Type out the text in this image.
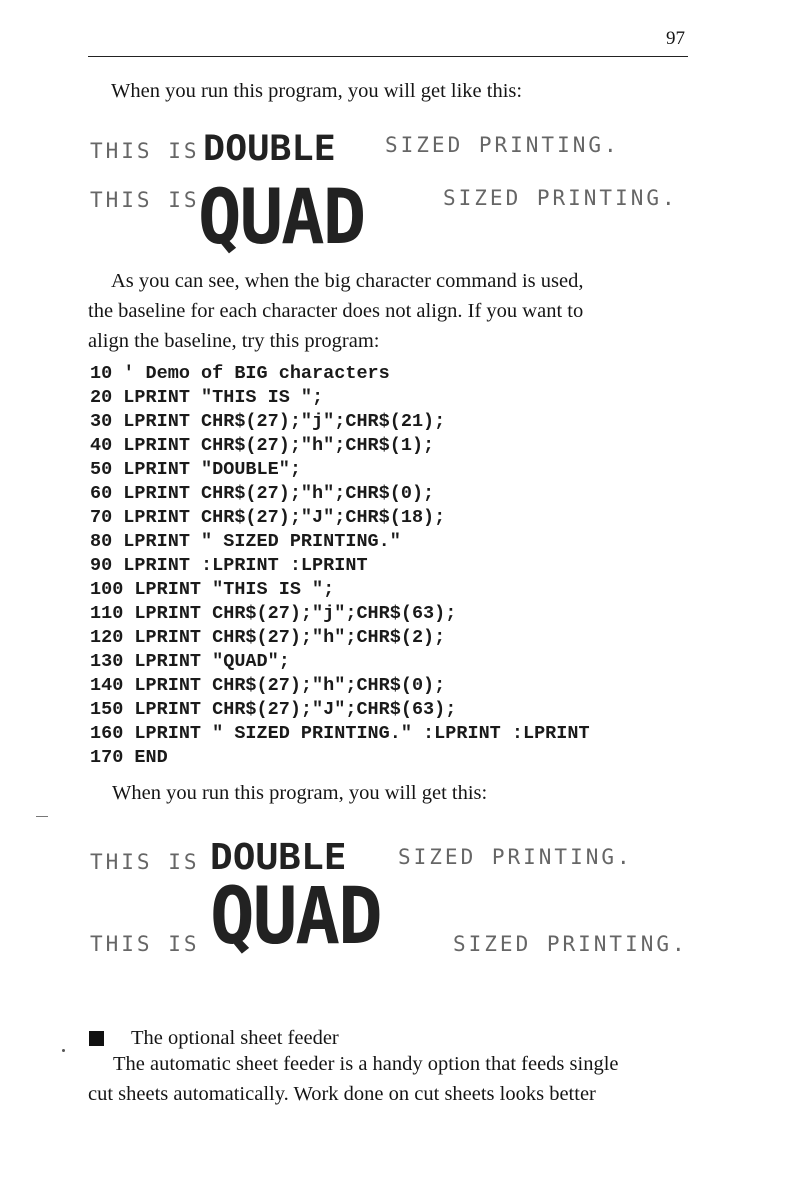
97
When you run this program, you will get like this:
THIS IS DOUBLE SIZED PRINTING.
THIS IS
QUAD	SIZED PRINTING.
As you can see, when the big character command is used,
the baseline for each character does not align. If you want to
align the baseline, try this program:
10 ' Demo of BIG characters
20 LPRINT "THIS IS ";
30 LPRINT CHR$(27);"j";CHR$(21);
40 LPRINT CHR$(27);"h";CHR$(1);
50 LPRINT "DOUBLE";
60 LPRINT CHR$(27);"h";CHR$(0);
70 LPRINT CHR$(27);"J";CHR$(18);
80 LPRINT " SIZED PRINTING."
90 LPRINT :LPRINT :LPRINT
100 LPRINT "THIS IS ";
110 LPRINT CHR$(27);"j";CHR$(63);
120 LPRINT CHR$(27);"h";CHR$(2);
130 LPRINT "QUAD";
140 LPRINT CHR$(27);"h";CHR$(0);
150 LPRINT CHR$(27);"J";CHR$(63);
160 LPRINT " SIZED PRINTING." :LPRINT :LPRINT
170 END
When you run this program, you will get this:
THIS IS DOUBLE SIZED PRINTING.
THIS IS QUAD	SIZED PRINTING.
The optional sheet feeder
The automatic sheet feeder is a handy option that feeds single
cut sheets automatically. Work done on cut sheets looks better
